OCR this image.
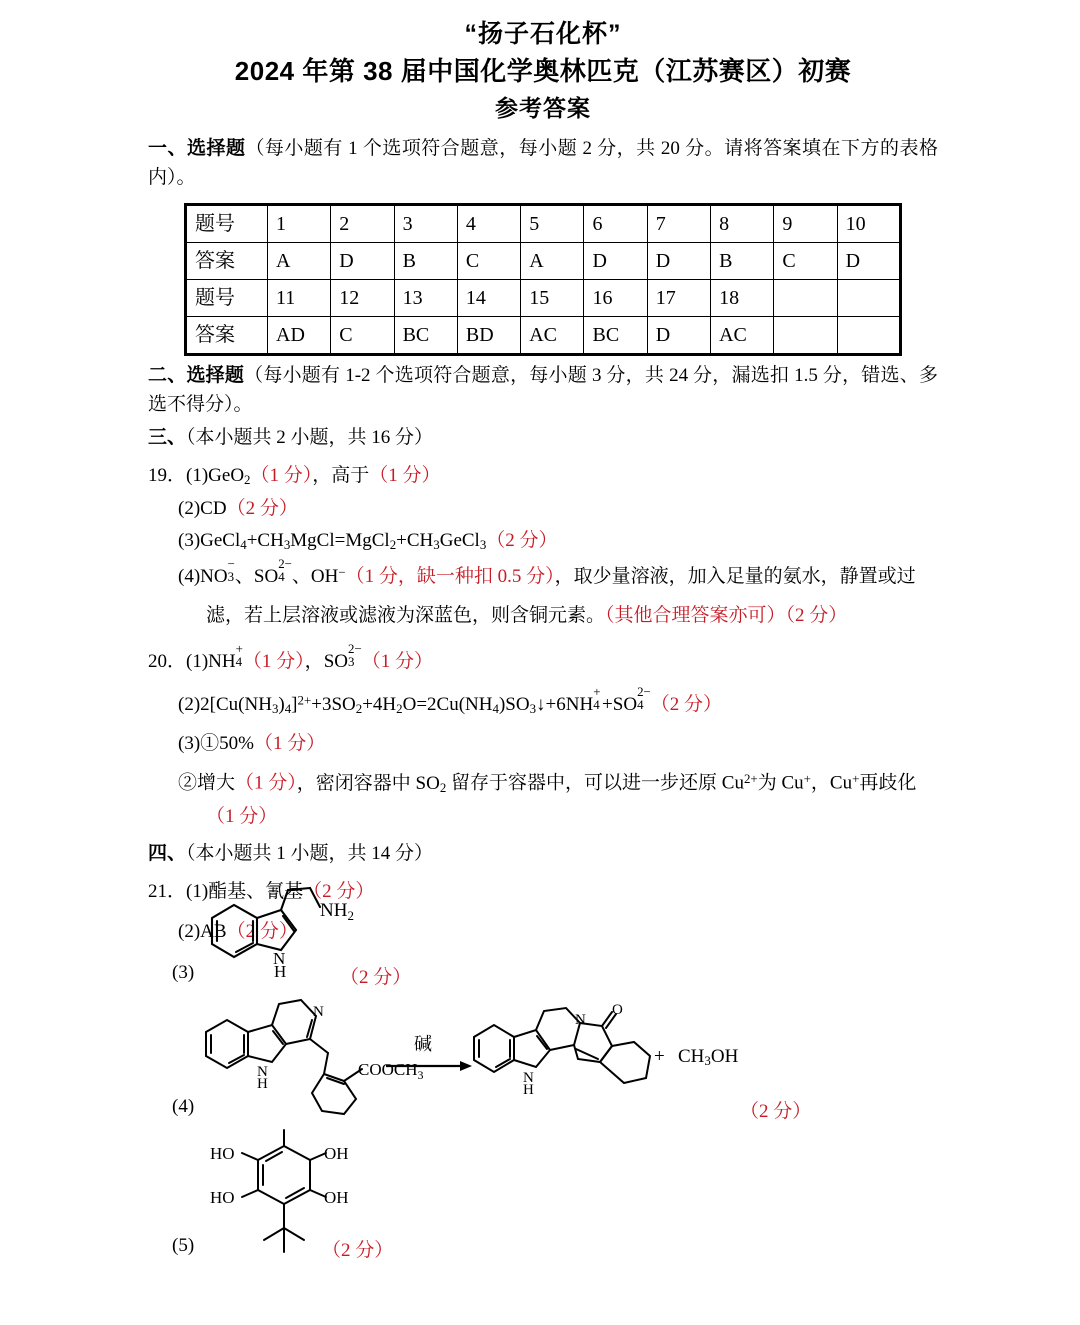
“扬子石化杯”
2024 年第 38 届中国化学奥林匹克（江苏赛区）初赛
参考答案
一、选择题（每小题有 1 个选项符合题意，每小题 2 分，共 20 分。请将答案填在下方的表格内）。
题号	1	2	3	4	5	6	7	8	9	10
答案	A	D	B	C	A	D	D	B	C	D
题号	11	12	13	14	15	16	17	18		
答案	AD	C	BC	BD	AC	BC	D	AC		
二、选择题（每小题有 1-2 个选项符合题意，每小题 3 分，共 24 分，漏选扣 1.5 分，错选、多选不得分）。
三、（本小题共 2 小题，共 16 分）
19．(1)GeO$_2$（1 分），高于（1 分）
(2)CD（2 分）
$(3)GeCl_4+CH_3MgCl=MgCl_2+CH_3GeCl_3(2$ 分）
(4)NO
−
3 、SO
2−
4 、OH−（1 分，缺一种扣 0.5 分），取少量溶液，加入足量的氨水，静置或过
滤，若上层溶液或滤液为深蓝色，则含铜元素。（其他合理答案亦可）（2 分）
20．(1)NH
+
4 （1 分），SO
2−
3 （1 分）
$(2)2[Cu(NH_3)_4]^{2+}+3SO_2+4H_2O=2Cu(NH_4)SO_3↓+6NH$
+
4  +SO
2−
4 （2 分）
(3)①50%（1 分）
②增大（1 分），密闭容器中 $SO_2$ 留存于容器中，可以进一步还原 $Cu^{2+}$为 Cu+，Cu+再歧化
（1 分）
四、（本小题共 1 小题，共 14 分）
21．(1)酯基、氰基（2 分）
(2)AB（2 分）
N
H
$NH_2$
(3)	（2 分）
N
H
N
$COOCH_3$
碱
N
H
N
O
+ $CH_3OH$
(4)	（2 分）
HO	OH
HO	OH
(5)	（2 分）
